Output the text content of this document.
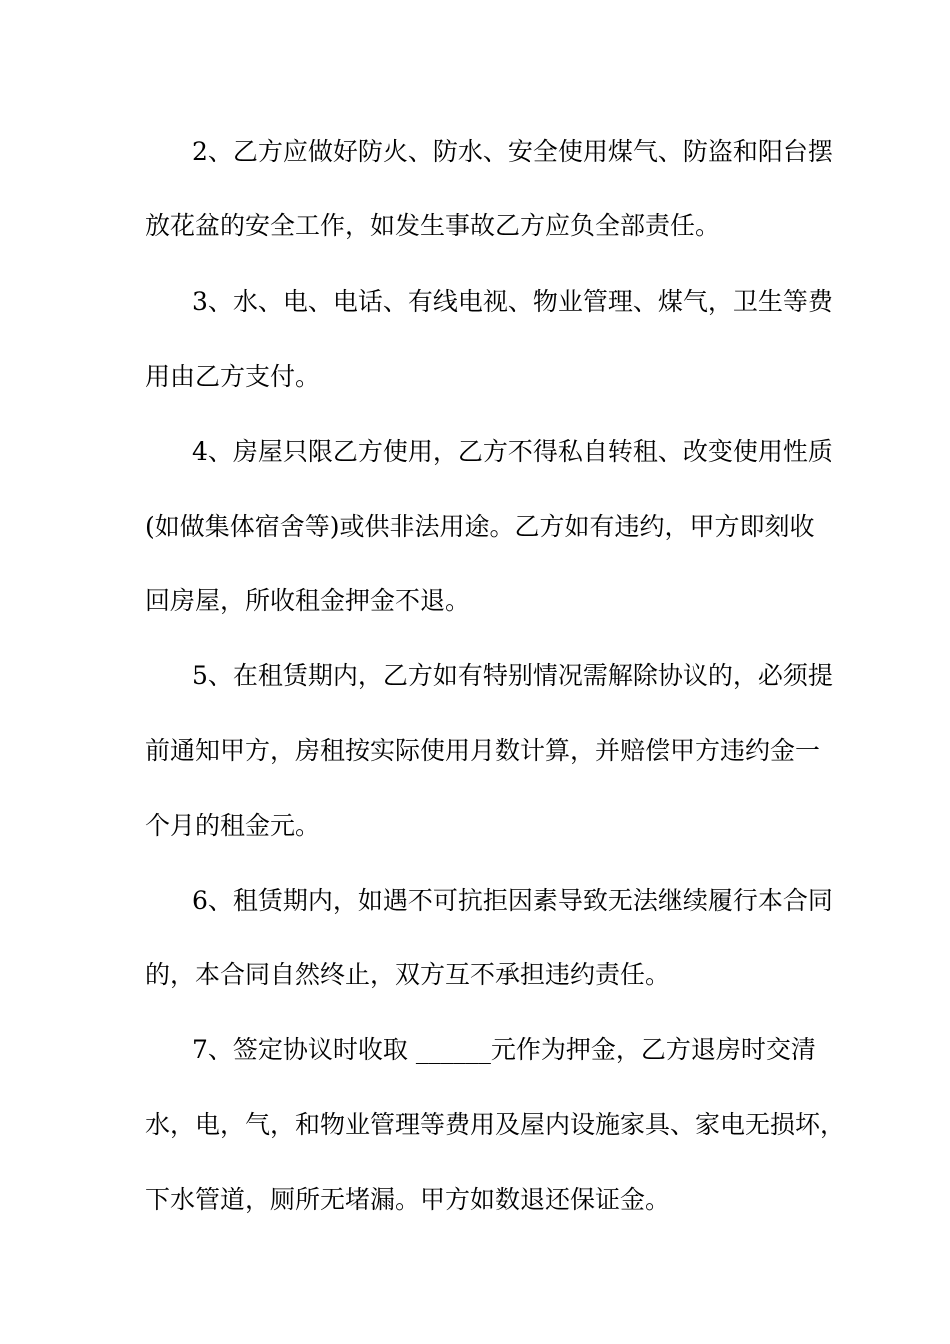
2、乙方应做好防火、防水、安全使用煤气、防盗和阳台摆
放花盆的安全工作，如发生事故乙方应负全部责任。
3、水、电、电话、有线电视、物业管理、煤气，卫生等费
用由乙方支付。
4、房屋只限乙方使用，乙方不得私自转租、改变使用性质
(如做集体宿舍等)或供非法用途。乙方如有违约，甲方即刻收
回房屋，所收租金押金不退。
5、在租赁期内，乙方如有特别情况需解除协议的，必须提
前通知甲方，房租按实际使用月数计算，并赔偿甲方违约金一
个月的租金元。
6、租赁期内，如遇不可抗拒因素导致无法继续履行本合同
的，本合同自然终止，双方互不承担违约责任。
7、签定协议时收取 ______元作为押金，乙方退房时交清
水，电，气，和物业管理等费用及屋内设施家具、家电无损坏，
下水管道，厕所无堵漏。甲方如数退还保证金。
